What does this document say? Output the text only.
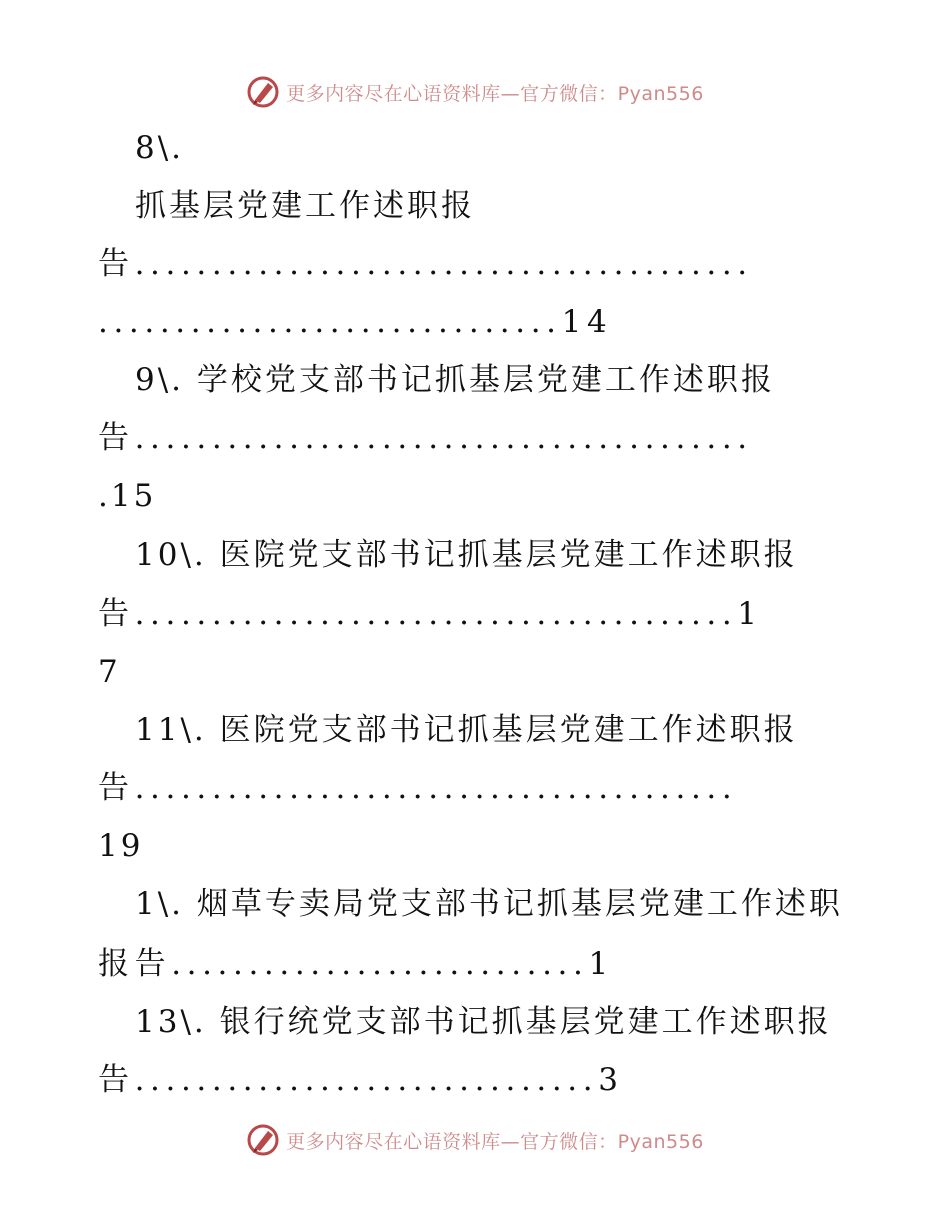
更多内容尽在心语资料库—官方微信：Pyan556
8\.
抓基层党建工作述职报
告........................................
..............................14
9\. 学校党支部书记抓基层党建工作述职报
告........................................
.15
10\. 医院党支部书记抓基层党建工作述职报
告.......................................1
7
11\. 医院党支部书记抓基层党建工作述职报
告.......................................
19
1\. 烟草专卖局党支部书记抓基层党建工作述职
报告...........................1
13\. 银行统党支部书记抓基层党建工作述职报
告..............................3
更多内容尽在心语资料库—官方微信：Pyan556
